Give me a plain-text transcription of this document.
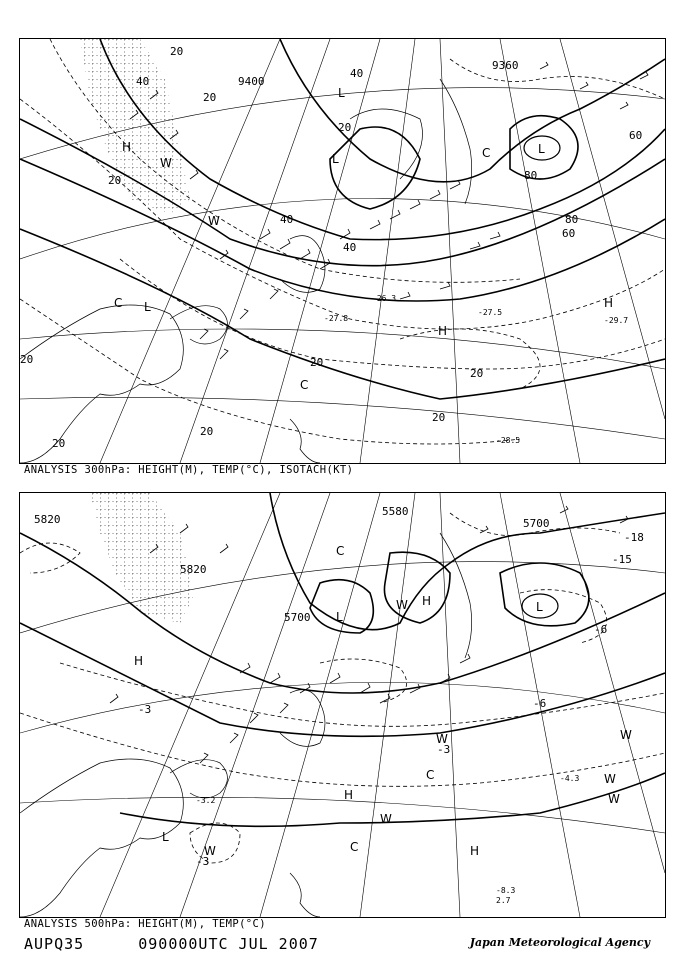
9400
20
40
20
40
20
20
40	80
60
80
60
40
20
20
20
20
20
20
9360
L
L
L
C
L
C
H
H
W
W
H	C
-27.5
-29.7
-28.5
-26.3
-27.8
ANALYSIS 300hPa: HEIGHT(M), TEMP(°C), ISOTACH(KT)
5820
5820
5580
5700
5700
-3
-3
-6
-15
-18
-3
-6
L
C
L
W H
H
H
W
C
W
W
W
L
W	C
W
H
-4.3
-3.2
-8.3
2.7
ANALYSIS 500hPa: HEIGHT(M), TEMP(°C)
AUPQ35	090000UTC JUL 2007	Japan Meteorological Agency
